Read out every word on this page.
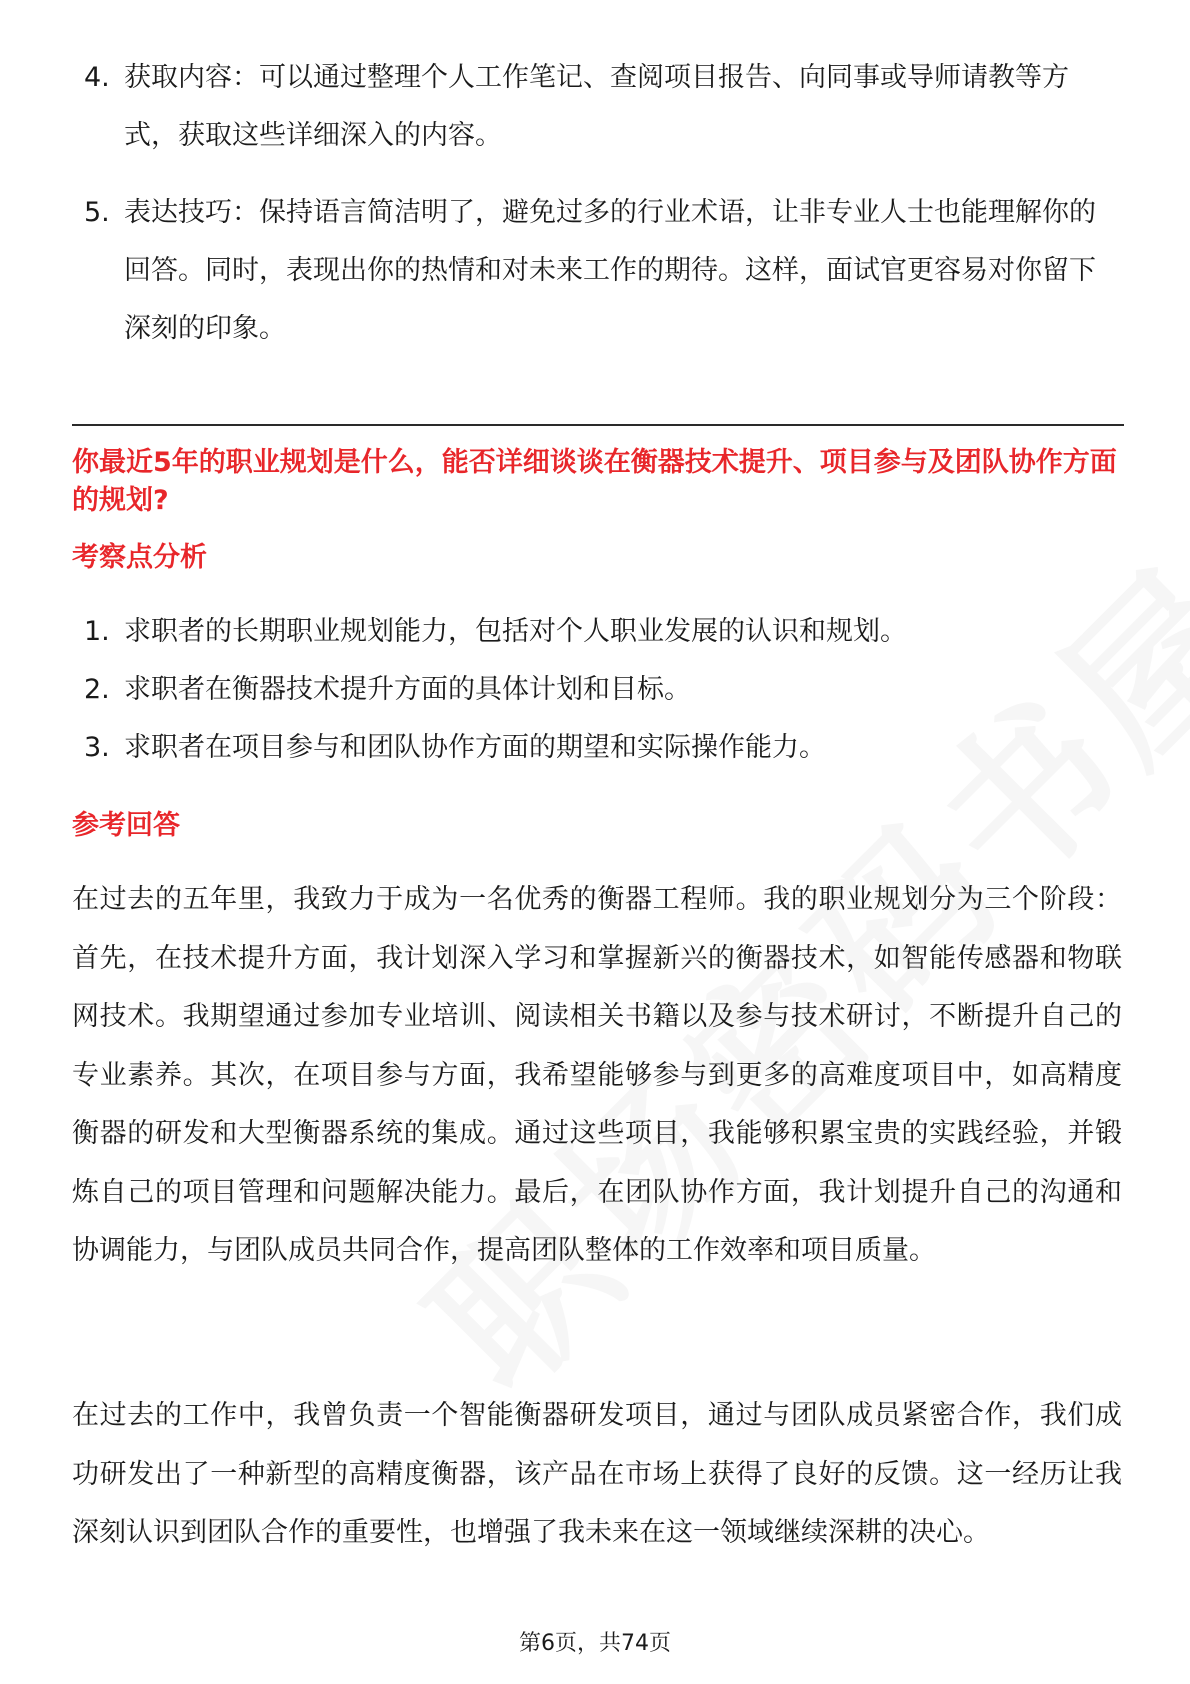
4. 获取内容：可以通过整理个人工作笔记、查阅项目报告、向同事或导师请教等方式，获取这些详细深入的内容。
5. 表达技巧：保持语言简洁明了，避免过多的行业术语，让非专业人士也能理解你的回答。同时，表现出你的热情和对未来工作的期待。这样，面试官更容易对你留下深刻的印象。
你最近5年的职业规划是什么，能否详细谈谈在衡器技术提升、项目参与及团队协作方面的规划?
考察点分析
1. 求职者的长期职业规划能力，包括对个人职业发展的认识和规划。
2. 求职者在衡器技术提升方面的具体计划和目标。
3. 求职者在项目参与和团队协作方面的期望和实际操作能力。
参考回答

在过去的五年里，我致力于成为一名优秀的衡器工程师。我的职业规划分为三个阶段：首先，在技术提升方面，我计划深入学习和掌握新兴的衡器技术，如智能传感器和物联网技术。我期望通过参加专业培训、阅读相关书籍以及参与技术研讨，不断提升自己的专业素养。其次，在项目参与方面，我希望能够参与到更多的高难度项目中，如高精度衡器的研发和大型衡器系统的集成。通过这些项目，我能够积累宝贵的实践经验，并锻炼自己的项目管理和问题解决能力。最后，在团队协作方面，我计划提升自己的沟通和协调能力，与团队成员共同合作，提高团队整体的工作效率和项目质量。

在过去的工作中，我曾负责一个智能衡器研发项目，通过与团队成员紧密合作，我们成功研发出了一种新型的高精度衡器，该产品在市场上获得了良好的反馈。这一经历让我深刻认识到团队合作的重要性，也增强了我未来在这一领域继续深耕的决心。

第6页，共74页
